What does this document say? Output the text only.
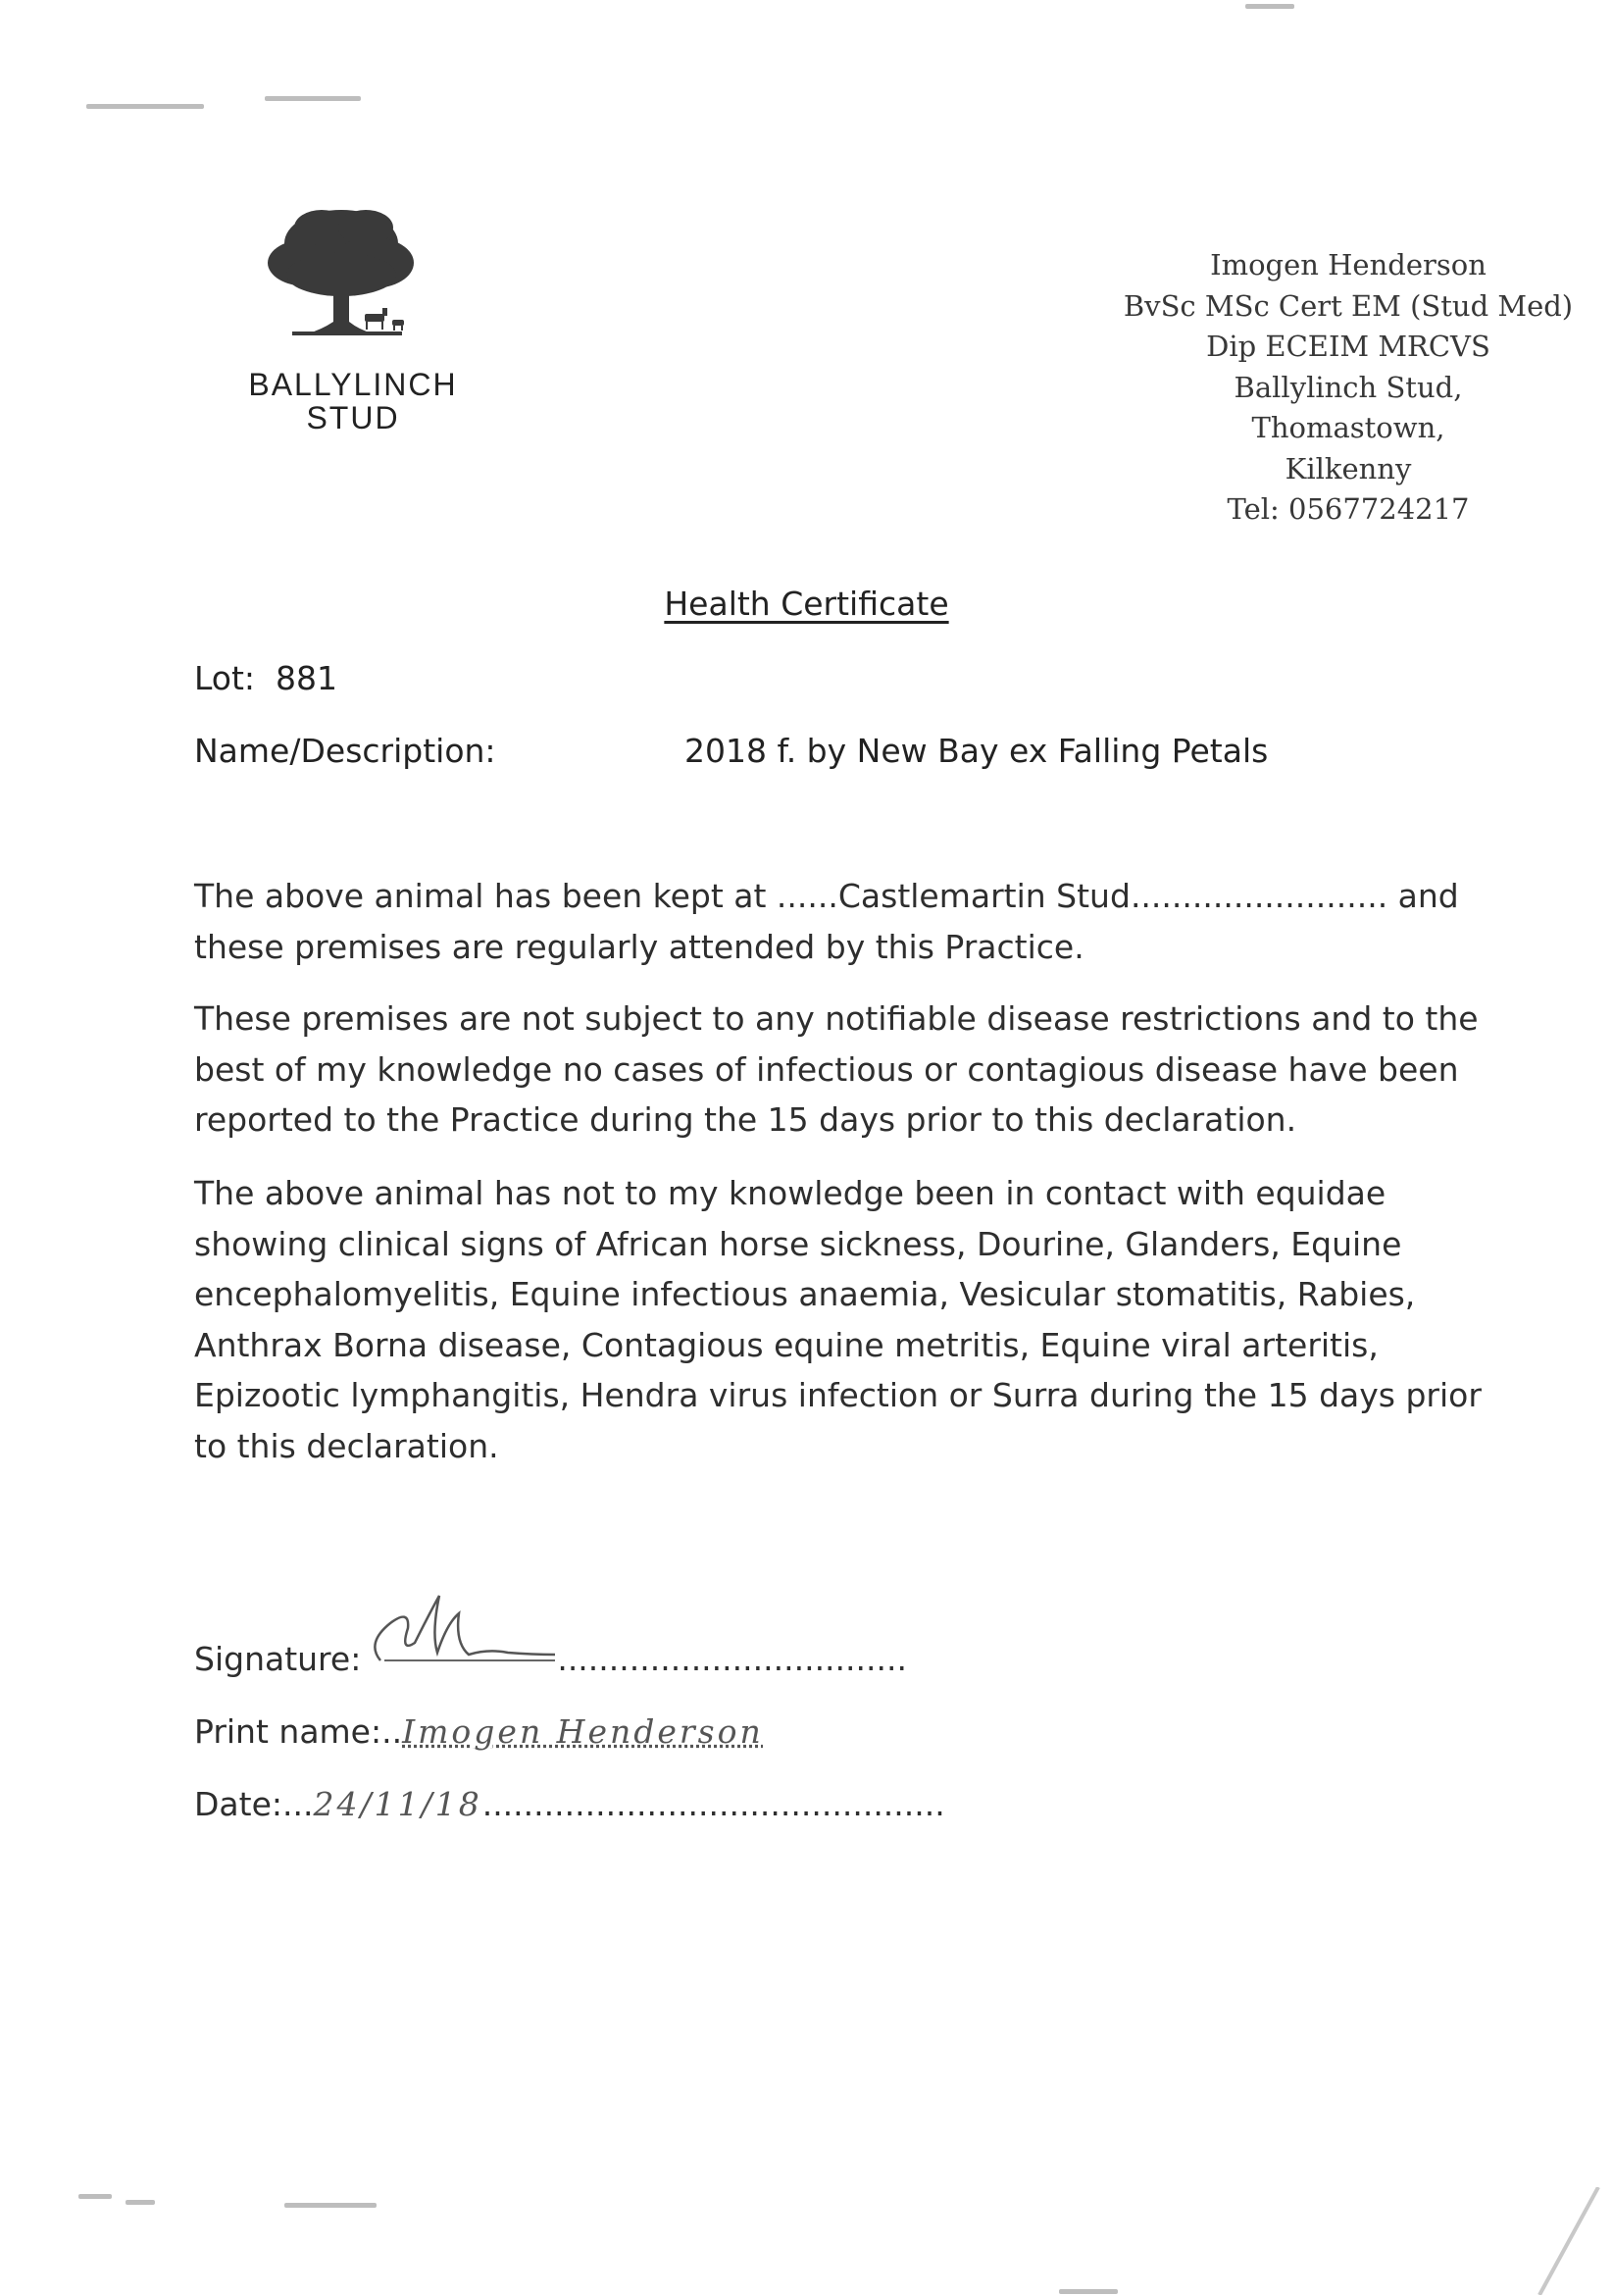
BALLYLINCH
STUD
Imogen Henderson
BvSc MSc Cert EM (Stud Med)
Dip ECEIM MRCVS
Ballylinch Stud,
Thomastown,
Kilkenny
Tel: 0567724217
Health Certificate
Lot: 881
Name/Description:	2018 f. by New Bay ex Falling Petals
The above animal has been kept at ......Castlemartin Stud......................... and
these premises are regularly attended by this Practice.
These premises are not subject to any notifiable disease restrictions and to the
best of my knowledge no cases of infectious or contagious disease have been
reported to the Practice during the 15 days prior to this declaration.
The above animal has not to my knowledge been in contact with equidae
showing clinical signs of African horse sickness, Dourine, Glanders, Equine
encephalomyelitis, Equine infectious anaemia, Vesicular stomatitis, Rabies,
Anthrax Borna disease, Contagious equine metritis, Equine viral arteritis,
Epizootic lymphangitis, Hendra virus infection or Surra during the 15 days prior
to this declaration.
Signature:	..................................
Print name:..Imogen Henderson
Date:...24/11/18.............................................
